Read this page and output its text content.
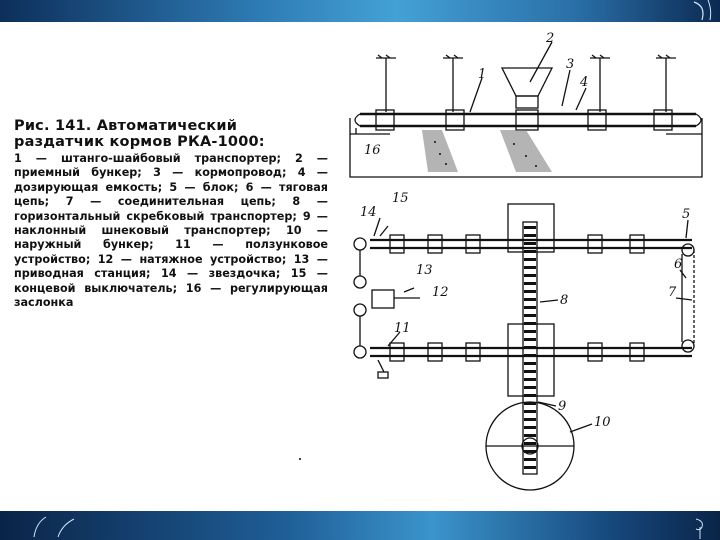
Рис. 141. Автоматический раздатчик кормов РКА-1000:

1 — штанго-шайбовый транспортер; 2 — приемный бункер; 3 — кормопровод; 4 — дозирующая емкость; 5 — блок; 6 — тяговая цепь; 7 — соединительная цепь; 8 — горизонтальный скребковый транспортер; 9 — наклонный шнековый транспортер; 10 — наружный бункер; 11 — ползунковое устройство; 12 — натяжное устройство; 13 — приводная станция; 14 — звездочка; 15 — концевой выключатель; 16 — регулирующая заслонка

2
1
3
4
16
14
15
5
6
7
8
9
10
11
12
13
